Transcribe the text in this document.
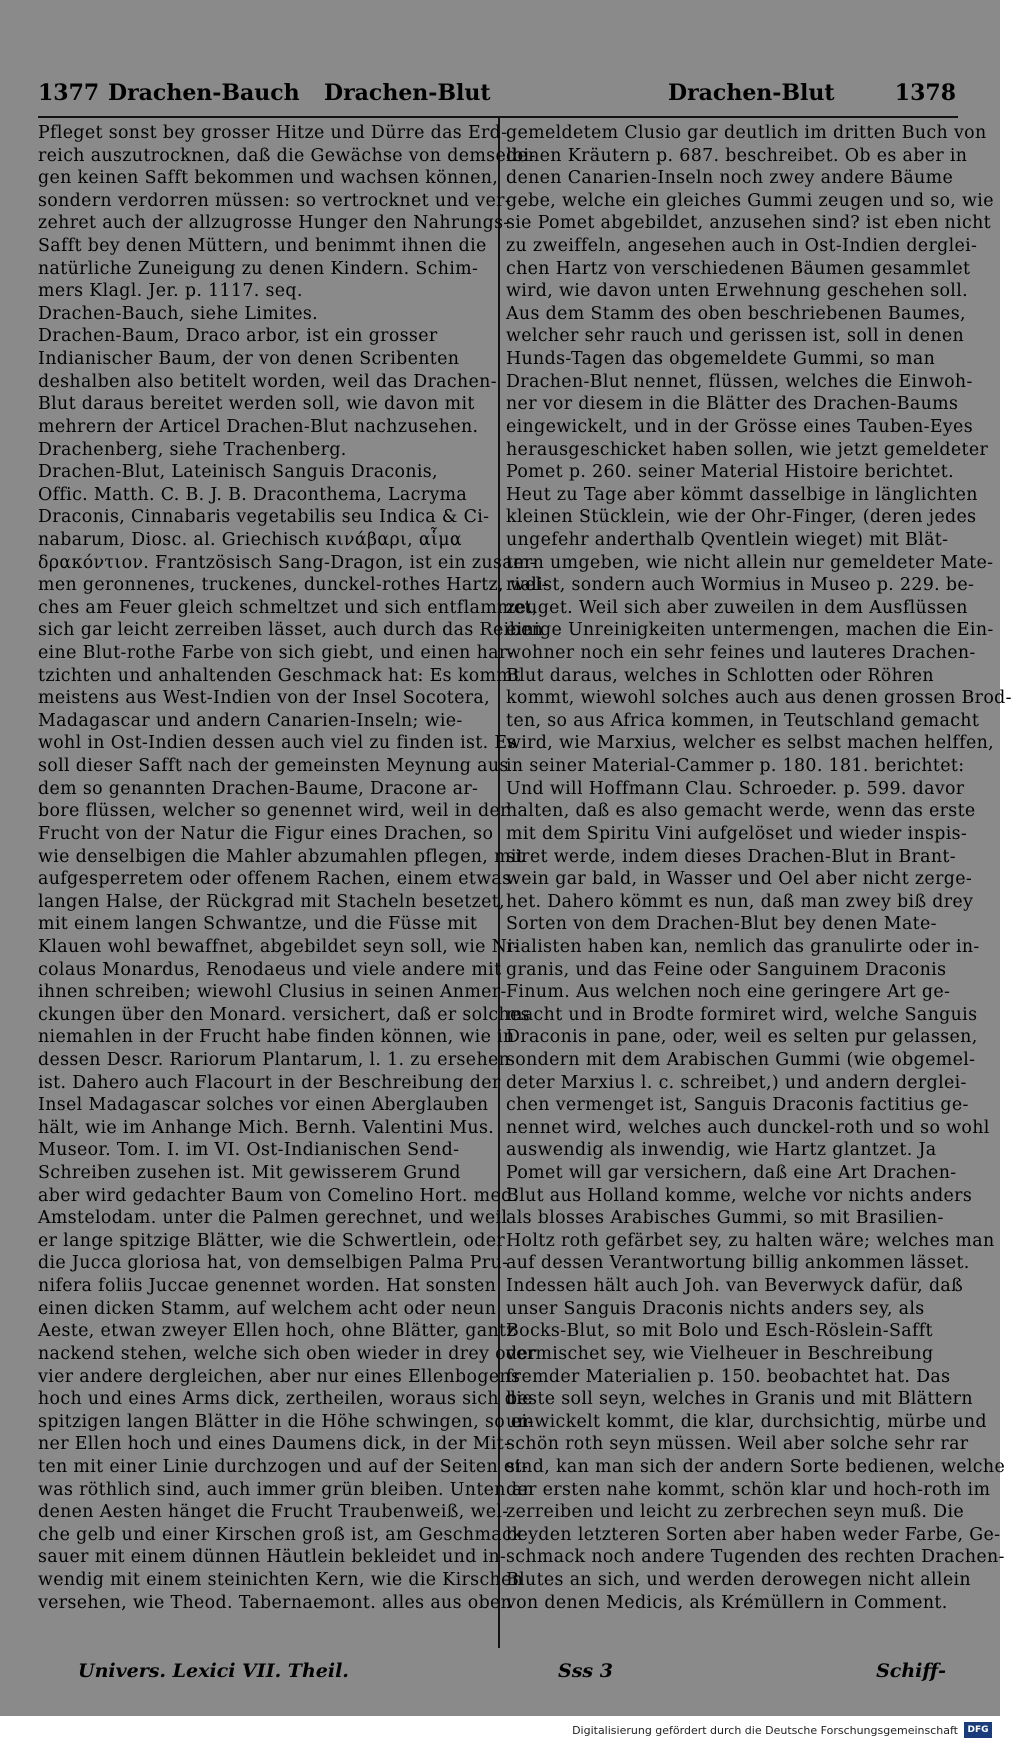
1377 Drachen-Bauch Drachen-Blut	Drachen-Blut	1378
Pfleget sonst bey grosser Hitze und Dürre das Erd-
reich auszutrocknen, daß die Gewächse von demselbi-
gen keinen Safft bekommen und wachsen können,
sondern verdorren müssen: so vertrocknet und ver-
zehret auch der allzugrosse Hunger den Nahrungs-
Safft bey denen Müttern, und benimmt ihnen die
natürliche Zuneigung zu denen Kindern. Schim-
mers Klagl. Jer. p. 1117. seq.
Drachen-Bauch, siehe Limites.
Drachen-Baum, Draco arbor, ist ein grosser
Indianischer Baum, der von denen Scribenten
deshalben also betitelt worden, weil das Drachen-
Blut daraus bereitet werden soll, wie davon mit
mehrern der Articel Drachen-Blut nachzusehen.
Drachenberg, siehe Trachenberg.
Drachen-Blut, Lateinisch Sanguis Draconis,
Offic. Matth. C. B. J. B. Draconthema, Lacryma
Draconis, Cinnabaris vegetabilis seu Indica & Ci-
nabarum, Diosc. al. Griechisch κινάβαρι, αἷμα
δρακόντιον. Frantzösisch Sang-Dragon, ist ein zusam-
men geronnenes, truckenes, dunckel-rothes Hartz, wel-
ches am Feuer gleich schmeltzet und sich entflammet,
sich gar leicht zerreiben lässet, auch durch das Reiben
eine Blut-rothe Farbe von sich giebt, und einen har-
tzichten und anhaltenden Geschmack hat: Es kommt
meistens aus West-Indien von der Insel Socotera,
Madagascar und andern Canarien-Inseln; wie-
wohl in Ost-Indien dessen auch viel zu finden ist. Es
soll dieser Safft nach der gemeinsten Meynung aus
dem so genannten Drachen-Baume, Dracone ar-
bore flüssen, welcher so genennet wird, weil in der
Frucht von der Natur die Figur eines Drachen, so
wie denselbigen die Mahler abzumahlen pflegen, mit
aufgesperretem oder offenem Rachen, einem etwas
langen Halse, der Rückgrad mit Stacheln besetzet,
mit einem langen Schwantze, und die Füsse mit
Klauen wohl bewaffnet, abgebildet seyn soll, wie Ni-
colaus Monardus, Renodaeus und viele andere mit
ihnen schreiben; wiewohl Clusius in seinen Anmer-
ckungen über den Monard. versichert, daß er solches
niemahlen in der Frucht habe finden können, wie in
dessen Descr. Rariorum Plantarum, l. 1. zu ersehen
ist. Dahero auch Flacourt in der Beschreibung der
Insel Madagascar solches vor einen Aberglauben
hält, wie im Anhange Mich. Bernh. Valentini Mus.
Museor. Tom. I. im VI. Ost-Indianischen Send-
Schreiben zusehen ist. Mit gewisserem Grund
aber wird gedachter Baum von Comelino Hort. med.
Amstelodam. unter die Palmen gerechnet, und weil
er lange spitzige Blätter, wie die Schwertlein, oder
die Jucca gloriosa hat, von demselbigen Palma Pru-
nifera foliis Juccae genennet worden. Hat sonsten
einen dicken Stamm, auf welchem acht oder neun
Aeste, etwan zweyer Ellen hoch, ohne Blätter, gantz
nackend stehen, welche sich oben wieder in drey oder
vier andere dergleichen, aber nur eines Ellenbogens
hoch und eines Arms dick, zertheilen, woraus sich die
spitzigen langen Blätter in die Höhe schwingen, so ei-
ner Ellen hoch und eines Daumens dick, in der Mit-
ten mit einer Linie durchzogen und auf der Seiten et-
was röthlich sind, auch immer grün bleiben. Unten an
denen Aesten hänget die Frucht Traubenweiß, wel-
che gelb und einer Kirschen groß ist, am Geschmack
sauer mit einem dünnen Häutlein bekleidet und in-
wendig mit einem steinichten Kern, wie die Kirschen
versehen, wie Theod. Tabernaemont. alles aus oben
gemeldetem Clusio gar deutlich im dritten Buch von
denen Kräutern p. 687. beschreibet. Ob es aber in
denen Canarien-Inseln noch zwey andere Bäume
gebe, welche ein gleiches Gummi zeugen und so, wie
sie Pomet abgebildet, anzusehen sind? ist eben nicht
zu zweiffeln, angesehen auch in Ost-Indien derglei-
chen Hartz von verschiedenen Bäumen gesammlet
wird, wie davon unten Erwehnung geschehen soll.
Aus dem Stamm des oben beschriebenen Baumes,
welcher sehr rauch und gerissen ist, soll in denen
Hunds-Tagen das obgemeldete Gummi, so man
Drachen-Blut nennet, flüssen, welches die Einwoh-
ner vor diesem in die Blätter des Drachen-Baums
eingewickelt, und in der Grösse eines Tauben-Eyes
herausgeschicket haben sollen, wie jetzt gemeldeter
Pomet p. 260. seiner Material Histoire berichtet.
Heut zu Tage aber kömmt dasselbige in länglichten
kleinen Stücklein, wie der Ohr-Finger, (deren jedes
ungefehr anderthalb Qventlein wieget) mit Blät-
tern umgeben, wie nicht allein nur gemeldeter Mate-
rialist, sondern auch Wormius in Museo p. 229. be-
zeuget. Weil sich aber zuweilen in dem Ausflüssen
einige Unreinigkeiten untermengen, machen die Ein-
wohner noch ein sehr feines und lauteres Drachen-
Blut daraus, welches in Schlotten oder Röhren
kommt, wiewohl solches auch aus denen grossen Brod-
ten, so aus Africa kommen, in Teutschland gemacht
wird, wie Marxius, welcher es selbst machen helffen,
in seiner Material-Cammer p. 180. 181. berichtet:
Und will Hoffmann Clau. Schroeder. p. 599. davor
halten, daß es also gemacht werde, wenn das erste
mit dem Spiritu Vini aufgelöset und wieder inspis-
siret werde, indem dieses Drachen-Blut in Brant-
wein gar bald, in Wasser und Oel aber nicht zerge-
het. Dahero kömmt es nun, daß man zwey biß drey
Sorten von dem Drachen-Blut bey denen Mate-
rialisten haben kan, nemlich das granulirte oder in-
granis, und das Feine oder Sanguinem Draconis
Finum. Aus welchen noch eine geringere Art ge-
macht und in Brodte formiret wird, welche Sanguis
Draconis in pane, oder, weil es selten pur gelassen,
sondern mit dem Arabischen Gummi (wie obgemel-
deter Marxius l. c. schreibet,) und andern derglei-
chen vermenget ist, Sanguis Draconis factitius ge-
nennet wird, welches auch dunckel-roth und so wohl
auswendig als inwendig, wie Hartz glantzet. Ja
Pomet will gar versichern, daß eine Art Drachen-
Blut aus Holland komme, welche vor nichts anders
als blosses Arabisches Gummi, so mit Brasilien-
Holtz roth gefärbet sey, zu halten wäre; welches man
auf dessen Verantwortung billig ankommen lässet.
Indessen hält auch Joh. van Beverwyck dafür, daß
unser Sanguis Draconis nichts anders sey, als
Bocks-Blut, so mit Bolo und Esch-Röslein-Safft
vermischet sey, wie Vielheuer in Beschreibung
fremder Materialien p. 150. beobachtet hat. Das
beste soll seyn, welches in Granis und mit Blättern
umwickelt kommt, die klar, durchsichtig, mürbe und
schön roth seyn müssen. Weil aber solche sehr rar
sind, kan man sich der andern Sorte bedienen, welche
der ersten nahe kommt, schön klar und hoch-roth im
zerreiben und leicht zu zerbrechen seyn muß. Die
beyden letzteren Sorten aber haben weder Farbe, Ge-
schmack noch andere Tugenden des rechten Drachen-
Blutes an sich, und werden derowegen nicht allein
von denen Medicis, als Krémüllern in Comment.
Univers. Lexici VII. Theil.	Sss 3	Schiff-
Digitalisierung gefördert durch die Deutsche Forschungsgemeinschaft	DFG
